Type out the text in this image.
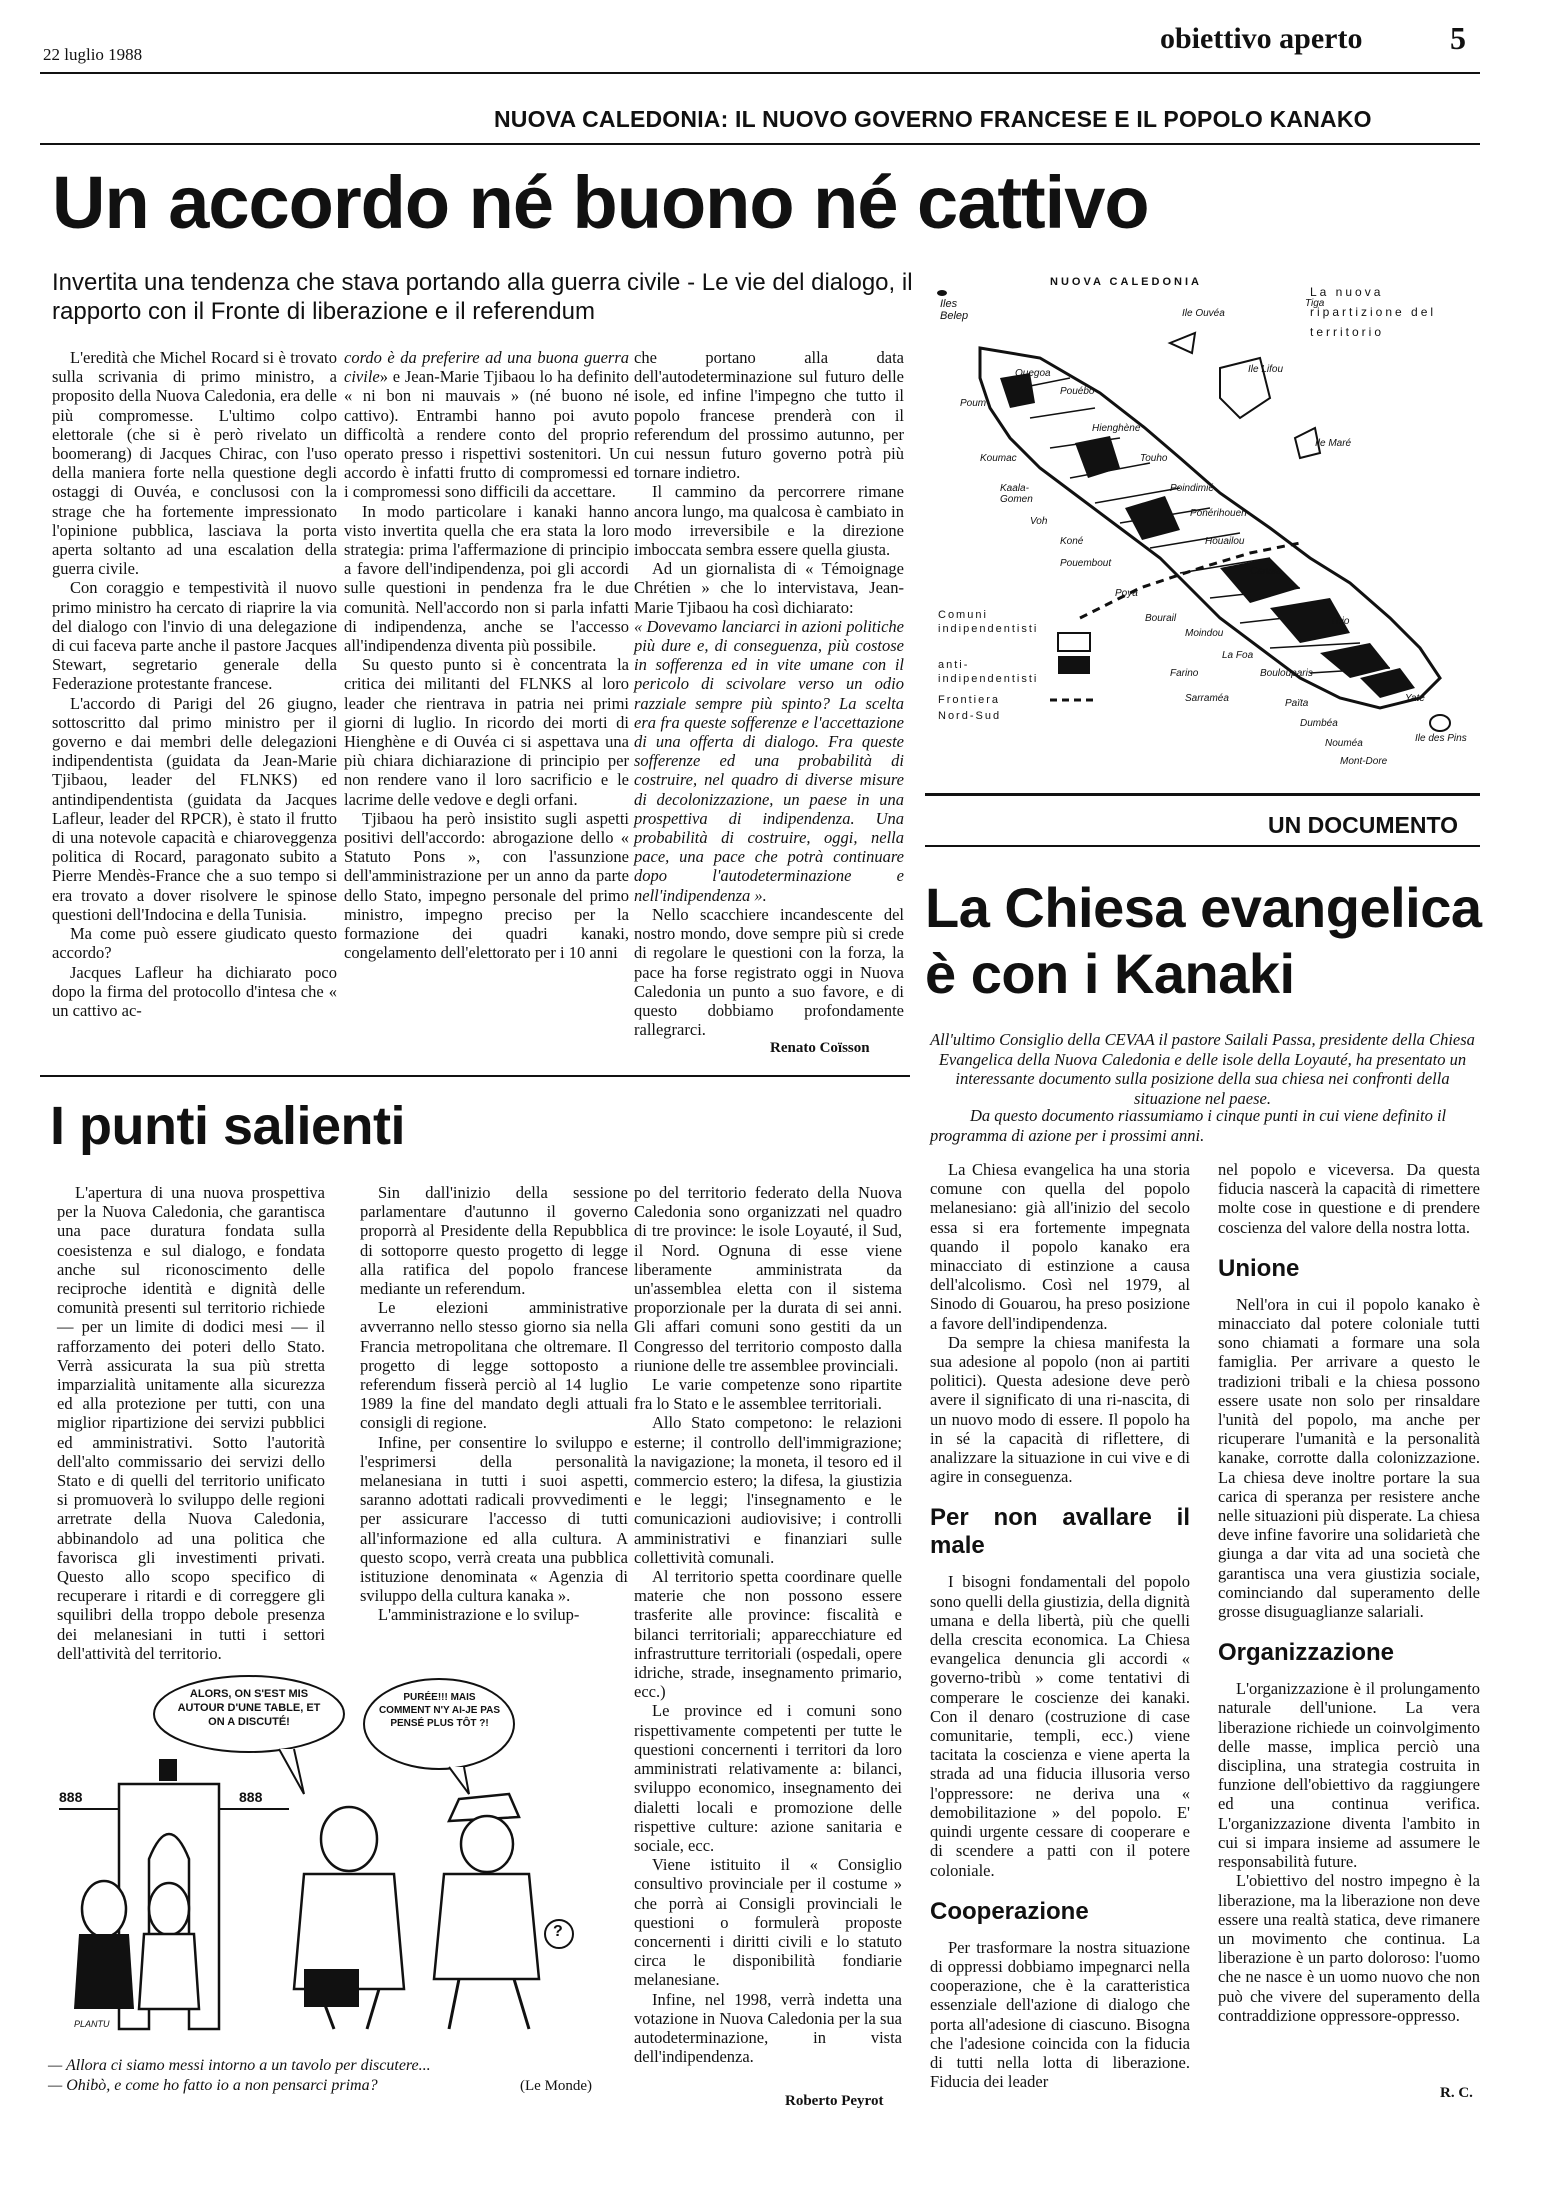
22 luglio 1988	obiettivo aperto	5
NUOVA CALEDONIA: IL NUOVO GOVERNO FRANCESE E IL POPOLO KANAKO
Un accordo né buono né cattivo
Invertita una tendenza che stava portando alla guerra civile - Le vie del dialogo, il rapporto con il Fronte di liberazione e il referendum

L'eredità che Michel Rocard si è trovato sulla scrivania di primo ministro, a proposito della Nuova Caledonia, era delle più compromesse. L'ultimo colpo elettorale (che si è però rivelato un boomerang) di Jacques Chirac, con l'uso della maniera forte nella questione degli ostaggi di Ouvéa, e conclusosi con la strage che ha fortemente impressionato l'opinione pubblica, lasciava la porta aperta soltanto ad una escalation della guerra civile.

Con coraggio e tempestività il nuovo primo ministro ha cercato di riaprire la via del dialogo con l'invio di una delegazione di cui faceva parte anche il pastore Jacques Stewart, segretario generale della Federazione protestante francese.

L'accordo di Parigi del 26 giugno, sottoscritto dal primo ministro per il governo e dai membri delle delegazioni indipendentista (guidata da Jean-Marie Tjibaou, leader del FLNKS) ed antindipendentista (guidata da Jacques Lafleur, leader del RPCR), è stato il frutto di una notevole capacità e chiaroveggenza politica di Rocard, paragonato subito a Pierre Mendès-France che a suo tempo si era trovato a dover risolvere le spinose questioni dell'Indocina e della Tunisia.

Ma come può essere giudicato questo accordo?

Jacques Lafleur ha dichiarato poco dopo la firma del protocollo d'intesa che « un cattivo ac-

cordo è da preferire ad una buona guerra civile» e Jean-Marie Tjibaou lo ha definito « ni bon ni mauvais » (né buono né cattivo). Entrambi hanno poi avuto difficoltà a rendere conto del proprio operato presso i rispettivi sostenitori. Un accordo è infatti frutto di compromessi ed i compromessi sono difficili da accettare.

In modo particolare i kanaki hanno visto invertita quella che era stata la loro strategia: prima l'affermazione di principio a favore dell'indipendenza, poi gli accordi sulle questioni in pendenza fra le due comunità. Nell'accordo non si parla infatti di indipendenza, anche se l'accesso all'indipendenza diventa più possibile.

Su questo punto si è concentrata la critica dei militanti del FLNKS al loro leader che rientrava in patria nei primi giorni di luglio. In ricordo dei morti di Hienghène e di Ouvéa ci si aspettava una più chiara dichiarazione di principio per non rendere vano il loro sacrificio e le lacrime delle vedove e degli orfani.

Tjibaou ha però insistito sugli aspetti positivi dell'accordo: abrogazione dello « Statuto Pons », con l'assunzione dell'amministrazione per un anno da parte dello Stato, impegno personale del primo ministro, impegno preciso per la formazione dei quadri kanaki, congelamento dell'elettorato per i 10 anni

che portano alla data dell'autodeterminazione sul futuro delle isole, ed infine l'impegno che tutto il popolo francese prenderà con il referendum del prossimo autunno, per cui nessun futuro governo potrà più tornare indietro.

Il cammino da percorrere rimane ancora lungo, ma qualcosa è cambiato in modo irreversibile e la direzione imboccata sembra essere quella giusta.

Ad un giornalista di « Témoignage Chrétien » che lo intervistava, Jean-Marie Tjibaou ha così dichiarato:

« Dovevamo lanciarci in azioni politiche più dure e, di conseguenza, più costose in sofferenza ed in vite umane con il pericolo di scivolare verso un odio razziale sempre più spinto? La scelta era fra queste sofferenze e l'accettazione di una offerta di dialogo. Fra queste sofferenze ed una probabilità di costruire, nel quadro di diverse misure di decolonizzazione, un paese in una prospettiva di indipendenza. Una probabilità di costruire, oggi, nella pace, una pace che potrà continuare dopo l'autodeterminazione e nell'indipendenza ».

Nello scacchiere incandescente del nostro mondo, dove sempre più si crede di regolare le questioni con la forza, la pace ha forse registrato oggi in Nuova Caledonia un punto a suo favore, e di questo dobbiamo profondamente rallegrarci.

Renato Coïsson
NUOVA CALEDONIA
La nuova ripartizione del territorio
Comuni indipendentisti
anti-indipendentisti
Frontiera Nord-Sud
Iles Belep	Ile Ouvéa
Ile Lifou
Ile Maré
Ile des Pins
Poum
Ouegoa
Pouébo
Koumac
Kaala-Gomen
Hienghène
Touho
Voh
Koné
Poindimié
Ponérihouen
Pouembout
Houailou
Poya
Canala
Bourail	Thio
Moindou
La Foa
Farino
Sarraméa
Boulouparis
Yaté
Païta
Dumbéa
Nouméa
Mont-Dore
Tiga
UN DOCUMENTO
La Chiesa evangelica è con i Kanaki
All'ultimo Consiglio della CEVAA il pastore Sailali Passa, presidente della Chiesa Evangelica della Nuova Caledonia e delle isole della Loyauté, ha presentato un interessante documento sulla posizione della sua chiesa nei confronti della situazione nel paese.
Da questo documento riassumiamo i cinque punti in cui viene definito il programma di azione per i prossimi anni.
I punti salienti

L'apertura di una nuova prospettiva per la Nuova Caledonia, che garantisca una pace duratura fondata sulla coesistenza e sul dialogo, e fondata anche sul riconoscimento delle reciproche identità e dignità delle comunità presenti sul territorio richiede — per un limite di dodici mesi — il rafforzamento dei poteri dello Stato. Verrà assicurata la sua più stretta imparzialità unitamente alla sicurezza ed alla protezione per tutti, con una miglior ripartizione dei servizi pubblici ed amministrativi. Sotto l'autorità dell'alto commissario dei servizi dello Stato e di quelli del territorio unificato si promuoverà lo sviluppo delle regioni arretrate della Nuova Caledonia, abbinandolo ad una politica che favorisca gli investimenti privati. Questo allo scopo specifico di recuperare i ritardi e di correggere gli squilibri della troppo debole presenza dei melanesiani in tutti i settori dell'attività del territorio.

Sin dall'inizio della sessione parlamentare d'autunno il governo proporrà al Presidente della Repubblica di sottoporre questo progetto di legge alla ratifica del popolo francese mediante un referendum.

Le elezioni amministrative avverranno nello stesso giorno sia nella Francia metropolitana che oltremare. Il progetto di legge sottoposto a referendum fisserà perciò al 14 luglio 1989 la fine del mandato degli attuali consigli di regione.

Infine, per consentire lo sviluppo e l'esprimersi della personalità melanesiana in tutti i suoi aspetti, saranno adottati radicali provvedimenti per assicurare l'accesso di tutti all'informazione ed alla cultura. A questo scopo, verrà creata una pubblica istituzione denominata « Agenzia di sviluppo della cultura kanaka ».

L'amministrazione e lo svilup-

po del territorio federato della Nuova Caledonia sono organizzati nel quadro di tre province: le isole Loyauté, il Sud, il Nord. Ognuna di esse viene liberamente amministrata da un'assemblea eletta con il sistema proporzionale per la durata di sei anni. Gli affari comuni sono gestiti da un Congresso del territorio composto dalla riunione delle tre assemblee provinciali.

Le varie competenze sono ripartite fra lo Stato e le assemblee territoriali.

Allo Stato competono: le relazioni esterne; il controllo dell'immigrazione; la navigazione; la moneta, il tesoro ed il commercio estero; la difesa, la giustizia e le leggi; l'insegnamento e le comunicazioni audiovisive; i controlli amministrativi e finanziari sulle collettività comunali.

Al territorio spetta coordinare quelle materie che non possono essere trasferite alle province: fiscalità e bilanci territoriali; apparecchiature ed infrastrutture territoriali (ospedali, opere idriche, strade, insegnamento primario, ecc.)

Le province ed i comuni sono rispettivamente competenti per tutte le questioni concernenti i territori da loro amministrati relativamente a: bilanci, sviluppo economico, insegnamento dei dialetti locali e promozione delle rispettive culture: azione sanitaria e sociale, ecc.

Viene istituito il « Consiglio consultivo provinciale per il costume » che porrà ai Consigli provinciali le questioni o formulerà proposte concernenti i diritti civili e lo statuto circa le disponibilità fondiarie melanesiane.

Infine, nel 1998, verrà indetta una votazione in Nuova Caledonia per la sua autodeterminazione, in vista dell'indipendenza.

Roberto Peyrot
ALORS, ON S'EST MIS AUTOUR D'UNE TABLE, ET ON A DISCUTÉ!
PURÉE!!! MAIS COMMENT N'Y AI-JE PAS PENSÉ PLUS TÔT ?!
888	888
?
PLANTU
— Allora ci siamo messi intorno a un tavolo per discutere...
— Ohibò, e come ho fatto io a non pensarci prima?	(Le Monde)

La Chiesa evangelica ha una storia comune con quella del popolo melanesiano: già all'inizio del secolo essa si era fortemente impegnata quando il popolo kanako era minacciato di estinzione a causa dell'alcolismo. Così nel 1979, al Sinodo di Gouarou, ha preso posizione a favore dell'indipendenza.

Da sempre la chiesa manifesta la sua adesione al popolo (non ai partiti politici). Questa adesione deve però avere il significato di una ri-nascita, di un nuovo modo di essere. Il popolo ha in sé la capacità di riflettere, di analizzare la situazione in cui vive e di agire in conseguenza.

Per non avallare il male

I bisogni fondamentali del popolo sono quelli della giustizia, della dignità umana e della libertà, più che quelli della crescita economica. La Chiesa evangelica denuncia gli accordi « governo-tribù » come tentativi di comperare le coscienze dei kanaki. Con il denaro (costruzione di case comunitarie, templi, ecc.) viene tacitata la coscienza e viene aperta la strada ad una fiducia illusoria verso l'oppressore: ne deriva una « demobilitazione » del popolo. E' quindi urgente cessare di cooperare e di scendere a patti con il potere coloniale.

Cooperazione

Per trasformare la nostra situazione di oppressi dobbiamo impegnarci nella cooperazione, che è la caratteristica essenziale dell'azione di dialogo che porta all'adesione di ciascuno. Bisogna che l'adesione coincida con la fiducia di tutti nella lotta di liberazione. Fiducia dei leader

nel popolo e viceversa. Da questa fiducia nascerà la capacità di rimettere molte cose in questione e di prendere coscienza del valore della nostra lotta.

Unione

Nell'ora in cui il popolo kanako è minacciato dal potere coloniale tutti sono chiamati a formare una sola famiglia. Per arrivare a questo le tradizioni tribali e la chiesa possono essere usate non solo per rinsaldare l'unità del popolo, ma anche per ricuperare l'umanità e la personalità kanake, corrotte dalla colonizzazione. La chiesa deve inoltre portare la sua carica di speranza per resistere anche nelle situazioni più disperate. La chiesa deve infine favorire una solidarietà che giunga a dar vita ad una società che garantisca una vera giustizia sociale, cominciando dal superamento delle grosse disuguaglianze salariali.

Organizzazione

L'organizzazione è il prolungamento naturale dell'unione. La vera liberazione richiede un coinvolgimento delle masse, implica perciò una disciplina, una strategia costruita in funzione dell'obiettivo da raggiungere ed una continua verifica. L'organizzazione diventa l'ambito in cui si impara insieme ad assumere le responsabilità future.

L'obiettivo del nostro impegno è la liberazione, ma la liberazione non deve essere una realtà statica, deve rimanere un movimento che continua. La liberazione è un parto doloroso: l'uomo che ne nasce è un uomo nuovo che non può che vivere del superamento della contraddizione oppressore-oppresso.

R. C.
